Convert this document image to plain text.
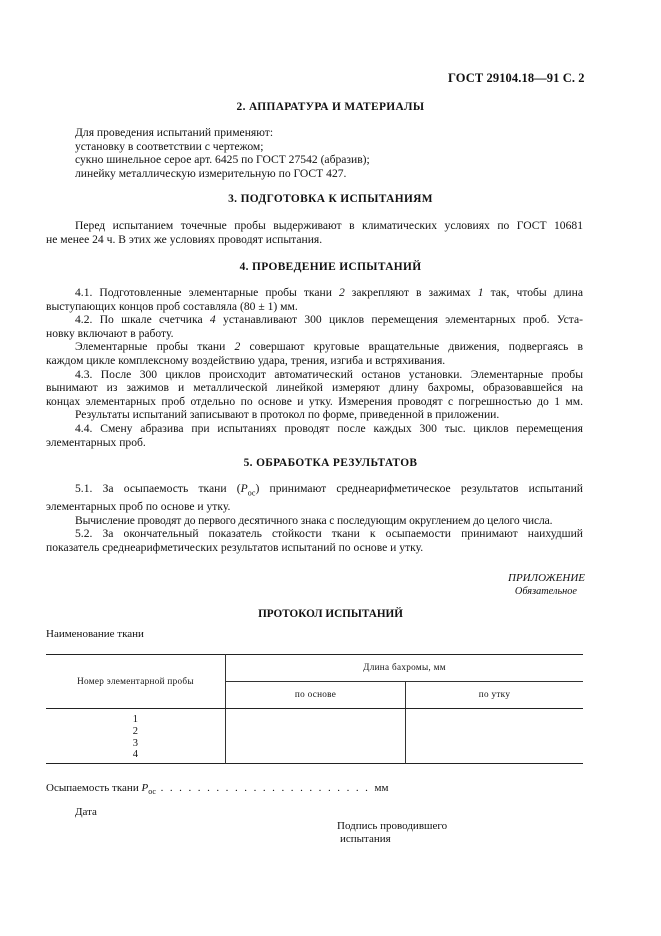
ГОСТ 29104.18—91 С. 2
2. АППАРАТУРА И МАТЕРИАЛЫ
Для проведения испытаний применяют:
установку в соответствии с чертежом;
сукно шинельное серое арт. 6425 по ГОСТ 27542 (абразив);
линейку металлическую измерительную по ГОСТ 427.
3. ПОДГОТОВКА К ИСПЫТАНИЯМ
Перед испытанием точечные пробы выдерживают в климатических условиях по ГОСТ 10681
не менее 24 ч. В этих же условиях проводят испытания.
4. ПРОВЕДЕНИЕ ИСПЫТАНИЙ
4.1. Подготовленные элементарные пробы ткани 2 закрепляют в зажимах 1 так, чтобы длина
выступающих концов проб составляла (80 ± 1) мм.
4.2. По шкале счетчика 4 устанавливают 300 циклов перемещения элементарных проб. Уста-
новку включают в работу.
Элементарные пробы ткани 2 совершают круговые вращательные движения, подвергаясь в
каждом цикле комплексному воздействию удара, трения, изгиба и встряхивания.
4.3. После 300 циклов происходит автоматический останов установки. Элементарные пробы
вынимают из зажимов и металлической линейкой измеряют длину бахромы, образовавшейся на
концах элементарных проб отдельно по основе и утку. Измерения проводят с погрешностью до 1 мм.
Результаты испытаний записывают в протокол по форме, приведенной в приложении.
4.4. Смену абразива при испытаниях проводят после каждых 300 тыс. циклов перемещения
элементарных проб.
5. ОБРАБОТКА РЕЗУЛЬТАТОВ
5.1. За осыпаемость ткани $(P_{ос})$ принимают среднеарифметическое результатов испытаний
элементарных проб по основе и утку.
Вычисление проводят до первого десятичного знака с последующим округлением до целого числа.
5.2. За окончательный показатель стойкости ткани к осыпаемости принимают наихудший
показатель среднеарифметических результатов испытаний по основе и утку.
ПРИЛОЖЕНИЕ
Обязательное
ПРОТОКОЛ ИСПЫТАНИЙ
Наименование ткани
Номер элементарной пробы	Длина бахромы, мм	
	по основе	по утку

1
2
3
4		

Осыпаемость ткани $P_{ос}$ . . . . . . . . . . . . . . . . . . . . . . . мм
Дата
Подпись проводившего
испытания
